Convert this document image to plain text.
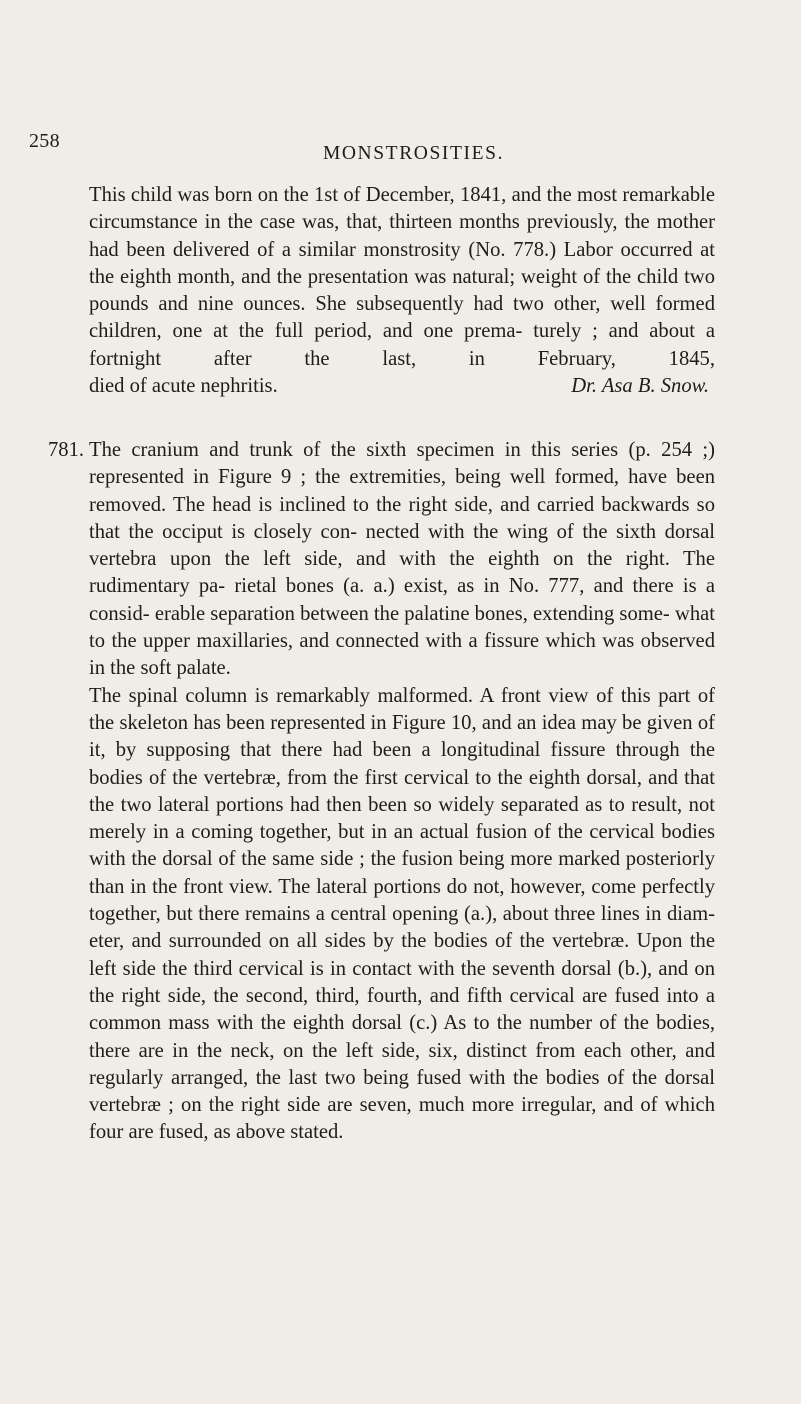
258
MONSTROSITIES.
This child was born on the 1st of December, 1841, and the most remarkable circumstance in the case was, that, thirteen months previously, the mother had been delivered of a similar monstrosity (No. 778.) Labor occurred at the eighth month, and the presentation was natural; weight of the child two pounds and nine ounces. She subsequently had two other, well formed children, one at the full period, and one prema- turely ; and about a fortnight after the last, in February, 1845,
died of acute nephritis.	Dr. Asa B. Snow.
781. The cranium and trunk of the sixth specimen in this series (p. 254 ;) represented in Figure 9 ; the extremities, being well formed, have been removed. The head is inclined to the right side, and carried backwards so that the occiput is closely con- nected with the wing of the sixth dorsal vertebra upon the left side, and with the eighth on the right. The rudimentary pa- rietal bones (a. a.) exist, as in No. 777, and there is a consid- erable separation between the palatine bones, extending some- what to the upper maxillaries, and connected with a fissure which was observed in the soft palate.
The spinal column is remarkably malformed. A front view of this part of the skeleton has been represented in Figure 10, and an idea may be given of it, by supposing that there had been a longitudinal fissure through the bodies of the vertebræ, from the first cervical to the eighth dorsal, and that the two lateral portions had then been so widely separated as to result, not merely in a coming together, but in an actual fusion of the cervical bodies with the dorsal of the same side ; the fusion being more marked posteriorly than in the front view. The lateral portions do not, however, come perfectly together, but there remains a central opening (a.), about three lines in diam- eter, and surrounded on all sides by the bodies of the vertebræ. Upon the left side the third cervical is in contact with the seventh dorsal (b.), and on the right side, the second, third, fourth, and fifth cervical are fused into a common mass with the eighth dorsal (c.) As to the number of the bodies, there are in the neck, on the left side, six, distinct from each other, and regularly arranged, the last two being fused with the bodies of the dorsal vertebræ ; on the right side are seven, much more irregular, and of which four are fused, as above stated.
